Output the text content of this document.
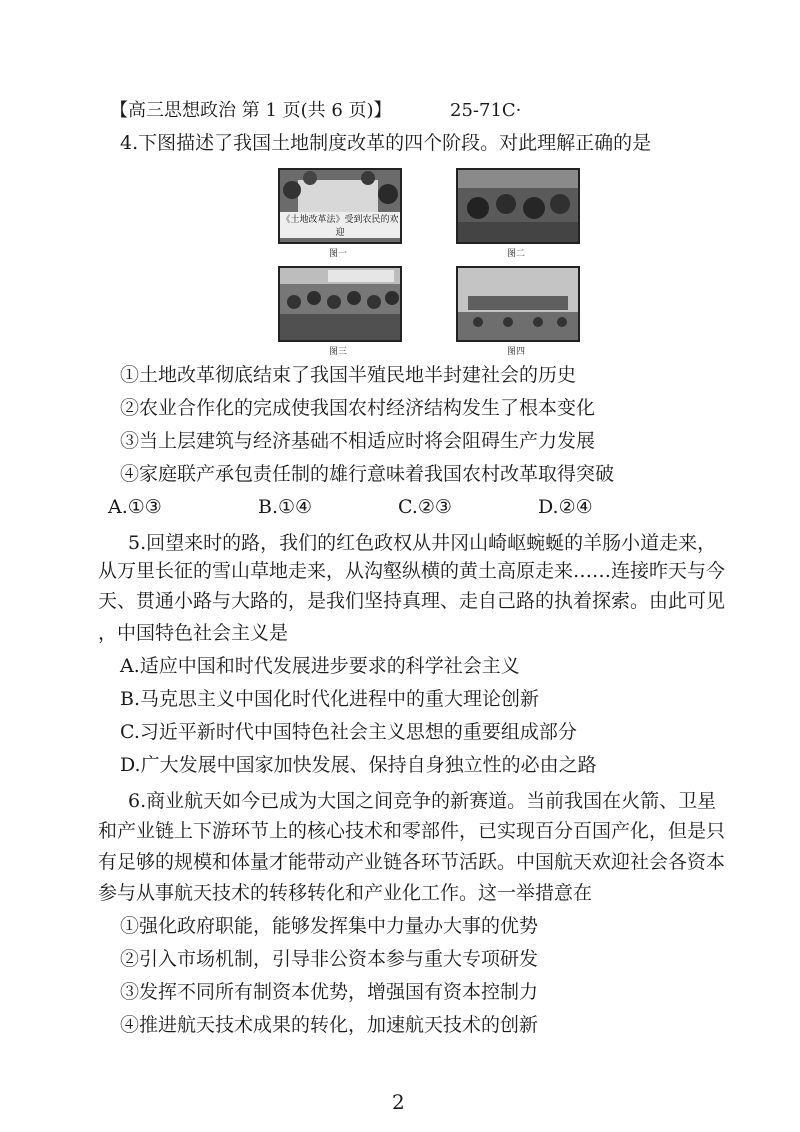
【高三思想政治 第 1 页(共 6 页)】	25-71C·
4.下图描述了我国土地制度改革的四个阶段。对此理解正确的是
《土地改革法》受到农民的欢迎
图一	图二
图三	图四
①土地改革彻底结束了我国半殖民地半封建社会的历史
②农业合作化的完成使我国农村经济结构发生了根本变化
③当上层建筑与经济基础不相适应时将会阻碍生产力发展
④家庭联产承包责任制的雄行意味着我国农村改革取得突破
A.①③	B.①④	C.②③	D.②④
5.回望来时的路，我们的红色政权从井冈山崎岖蜿蜒的羊肠小道走来，
从万里长征的雪山草地走来，从沟壑纵横的黄土高原走来……连接昨天与今
天、贯通小路与大路的，是我们坚持真理、走自己路的执着探索。由此可见
，中国特色社会主义是
A.适应中国和时代发展进步要求的科学社会主义
B.马克思主义中国化时代化进程中的重大理论创新
C.习近平新时代中国特色社会主义思想的重要组成部分
D.广大发展中国家加快发展、保持自身独立性的必由之路
6.商业航天如今已成为大国之间竞争的新赛道。当前我国在火箭、卫星
和产业链上下游环节上的核心技术和零部件，已实现百分百国产化，但是只
有足够的规模和体量才能带动产业链各环节活跃。中国航天欢迎社会各资本
参与从事航天技术的转移转化和产业化工作。这一举措意在
①强化政府职能，能够发挥集中力量办大事的优势
②引入市场机制，引导非公资本参与重大专项研发
③发挥不同所有制资本优势，增强国有资本控制力
④推进航天技术成果的转化，加速航天技术的创新
2
